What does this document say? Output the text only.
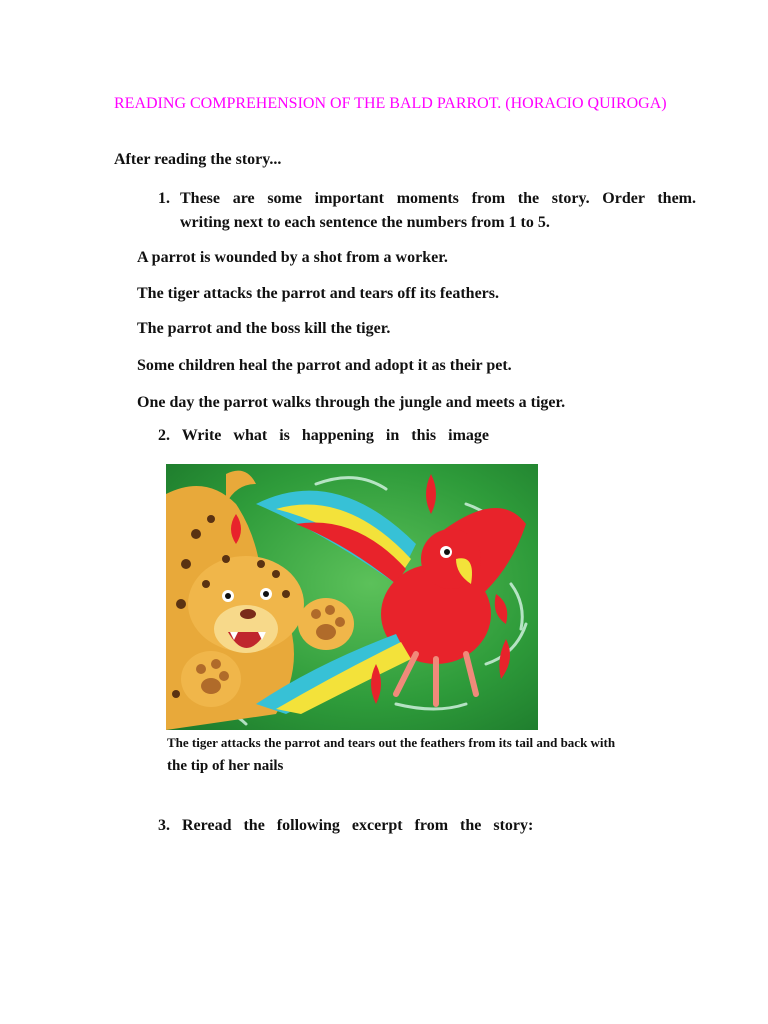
READING COMPREHENSION OF THE BALD PARROT. (HORACIO QUIROGA)

After reading the story...

1. These are some important moments from the story. Order them.
writing next to each sentence the numbers from 1 to 5.

A parrot is wounded by a shot from a worker.

The tiger attacks the parrot and tears off its feathers.

The parrot and the boss kill the tiger.

Some children heal the parrot and adopt it as their pet.

One day the parrot walks through the jungle and meets a tiger.

2. Write what is happening in this image
The tiger attacks the parrot and tears out the feathers from its tail and back with
the tip of her nails
3. Reread the following excerpt from the story:
